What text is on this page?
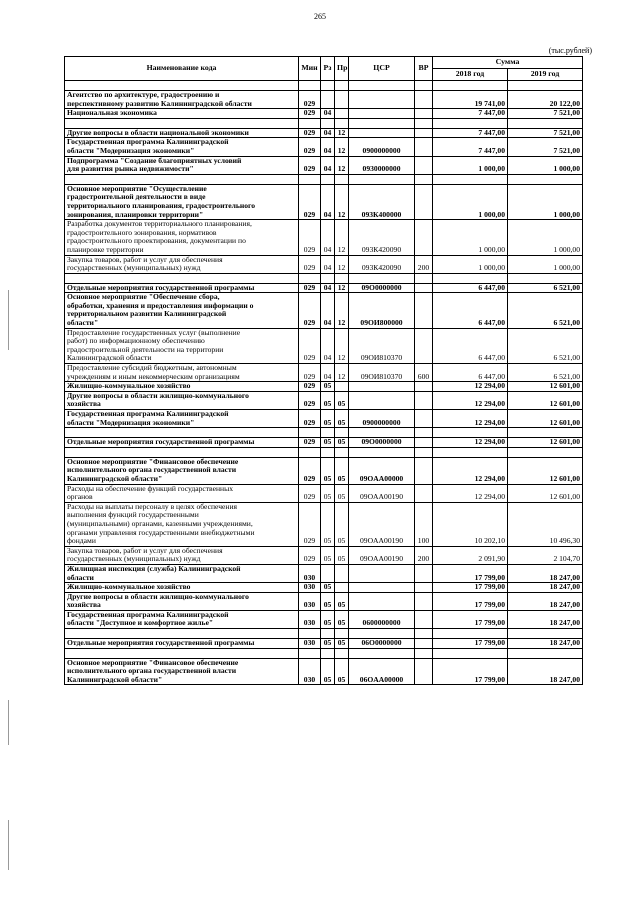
265
(тыс.рублей)
Наименование кода	Мин	Рз	Пр	ЦСР	ВР	Сумма	
						2018 год	2019 год

Агентство по архитектуре, градостроению и
перспективному развитию Калининградской области	029					19 741,00	20 122,00
Национальная экономика	029	04				7 447,00	7 521,00

Другие вопросы в области национальной экономики	029	04	12			7 447,00	7 521,00
Государственная программа Калининградской
области "Модернизация экономики"	029	04	12	0900000000		7 447,00	7 521,00
Подпрограмма "Создание благоприятных условий
для развития рынка недвижимости"	029	04	12	0930000000		1 000,00	1 000,00

Основное мероприятие "Осуществление
градостроительной деятельности в виде
территориального планирования, градостроительного
зонирования, планировки территории"	029	04	12	093К400000		1 000,00	1 000,00
Разработка документов территориального планирования,
градостроительного зонирования, нормативов
градостроительного проектирования, документации по
планировке территории	029	04	12	093К420090		1 000,00	1 000,00
Закупка товаров, работ и услуг для обеспечения
государственных (муниципальных) нужд	029	04	12	093К420090	200	1 000,00	1 000,00

Отдельные мероприятия государственной программы	029	04	12	09O0000000		6 447,00	6 521,00
Основное мероприятие "Обеспечение сбора,
обработки, хранения и предоставления информации о
территориальном развитии Калининградской
области"	029	04	12	09OИ800000		6 447,00	6 521,00
Предоставление государственных услуг (выполнение
работ) по информационному обеспечению
градостроительной деятельности на территории
Калининградской области	029	04	12	09OИ810370		6 447,00	6 521,00
Предоставление субсидий бюджетным, автономным
учреждениям и иным некоммерческим организациям	029	04	12	09OИ810370	600	6 447,00	6 521,00
Жилищно-коммунальное хозяйство	029	05				12 294,00	12 601,00
Другие вопросы в области жилищно-коммунального
хозяйства	029	05	05			12 294,00	12 601,00
Государственная программа Калининградской
области "Модернизация экономики"	029	05	05	0900000000		12 294,00	12 601,00

Отдельные мероприятия государственной программы	029	05	05	09O0000000		12 294,00	12 601,00

Основное мероприятие "Финансовое обеспечение
исполнительного органа государственной власти
Калининградской области"	029	05	05	09OАА00000		12 294,00	12 601,00
Расходы на обеспечение функций государственных
органов	029	05	05	09OАА00190		12 294,00	12 601,00
Расходы на выплаты персоналу в целях обеспечения
выполнения функций государственными
(муниципальными) органами, казенными учреждениями,
органами управления государственными внебюджетными
фондами	029	05	05	09OАА00190	100	10 202,10	10 496,30
Закупка товаров, работ и услуг для обеспечения
государственных (муниципальных) нужд	029	05	05	09OАА00190	200	2 091,90	2 104,70
Жилищная инспекция (служба) Калининградской
области	030					17 799,00	18 247,00
Жилищно-коммунальное хозяйство	030	05				17 799,00	18 247,00
Другие вопросы в области жилищно-коммунального
хозяйства	030	05	05			17 799,00	18 247,00
Государственная программа Калининградской
области "Доступное и комфортное жилье"	030	05	05	0600000000		17 799,00	18 247,00

Отдельные мероприятия государственной программы	030	05	05	06O0000000		17 799,00	18 247,00

Основное мероприятие "Финансовое обеспечение
исполнительного органа государственной власти
Калининградской области"	030	05	05	06OАА00000		17 799,00	18 247,00
